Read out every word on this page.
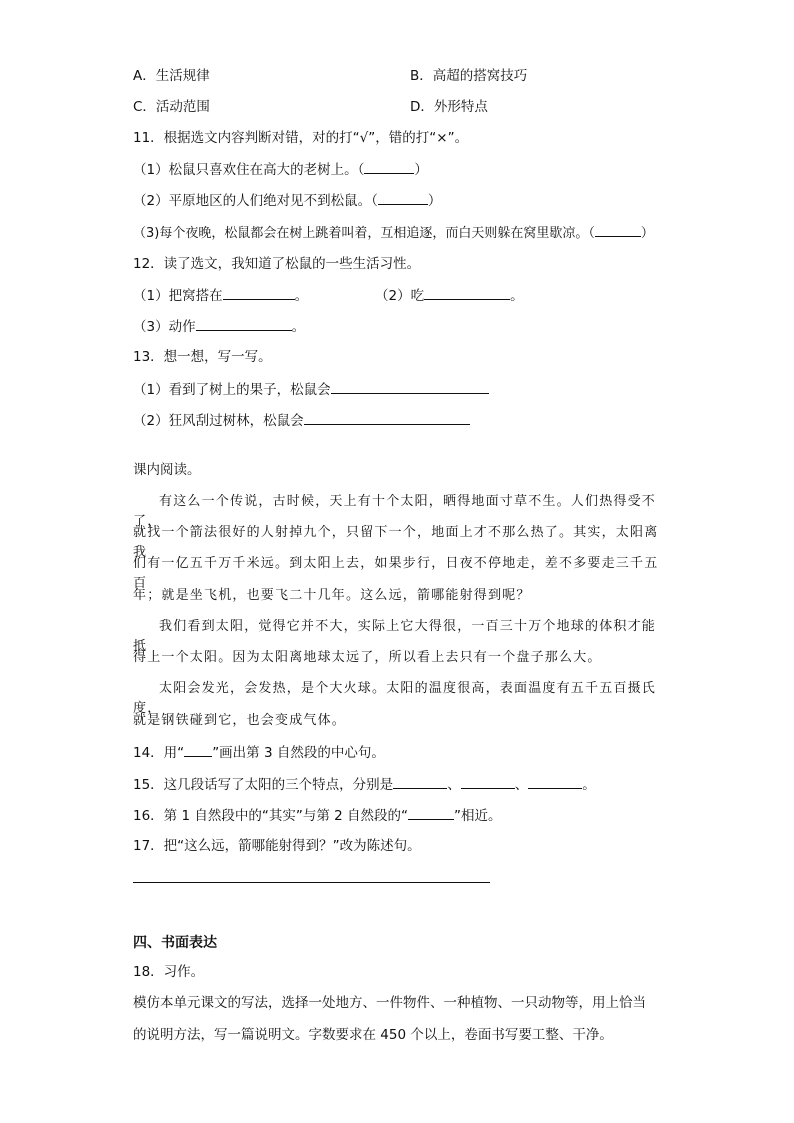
A．生活规律	B．高超的搭窝技巧
C．活动范围	D．外形特点
11．根据选文内容判断对错，对的打“√”，错的打“×”。
（1）松鼠只喜欢住在高大的老树上。（	）
（2）平原地区的人们绝对见不到松鼠。（	）
（3)每个夜晚，松鼠都会在树上跳着叫着，互相追逐，而白天则躲在窝里歇凉。（	）
12．读了选文，我知道了松鼠的一些生活习性。
（1）把窝搭在	。	（2）吃	。
（3）动作	。
13．想一想，写一写。
（1）看到了树上的果子，松鼠会
（2）狂风刮过树林，松鼠会
课内阅读。
有这么一个传说，古时候，天上有十个太阳，晒得地面寸草不生。人们热得受不了，
就找一个箭法很好的人射掉九个，只留下一个，地面上才不那么热了。其实，太阳离我
们有一亿五千万千米远。到太阳上去，如果步行，日夜不停地走，差不多要走三千五百
年；就是坐飞机，也要飞二十几年。这么远，箭哪能射得到呢？
我们看到太阳，觉得它并不大，实际上它大得很，一百三十万个地球的体积才能抵
得上一个太阳。因为太阳离地球太远了，所以看上去只有一个盘子那么大。
太阳会发光，会发热，是个大火球。太阳的温度很高，表面温度有五千五百摄氏度，
就是钢铁碰到它，也会变成气体。
14．用“ ”画出第 3 自然段的中心句。
15．这几段话写了太阳的三个特点，分别是	、	、	。
16．第 1 自然段中的“其实”与第 2 自然段的“	”相近。
17．把“这么远，箭哪能射得到？”改为陈述句。
四、书面表达
18．习作。
模仿本单元课文的写法，选择一处地方、一件物件、一种植物、一只动物等，用上恰当
的说明方法，写一篇说明文。字数要求在 450 个以上，卷面书写要工整、干净。
